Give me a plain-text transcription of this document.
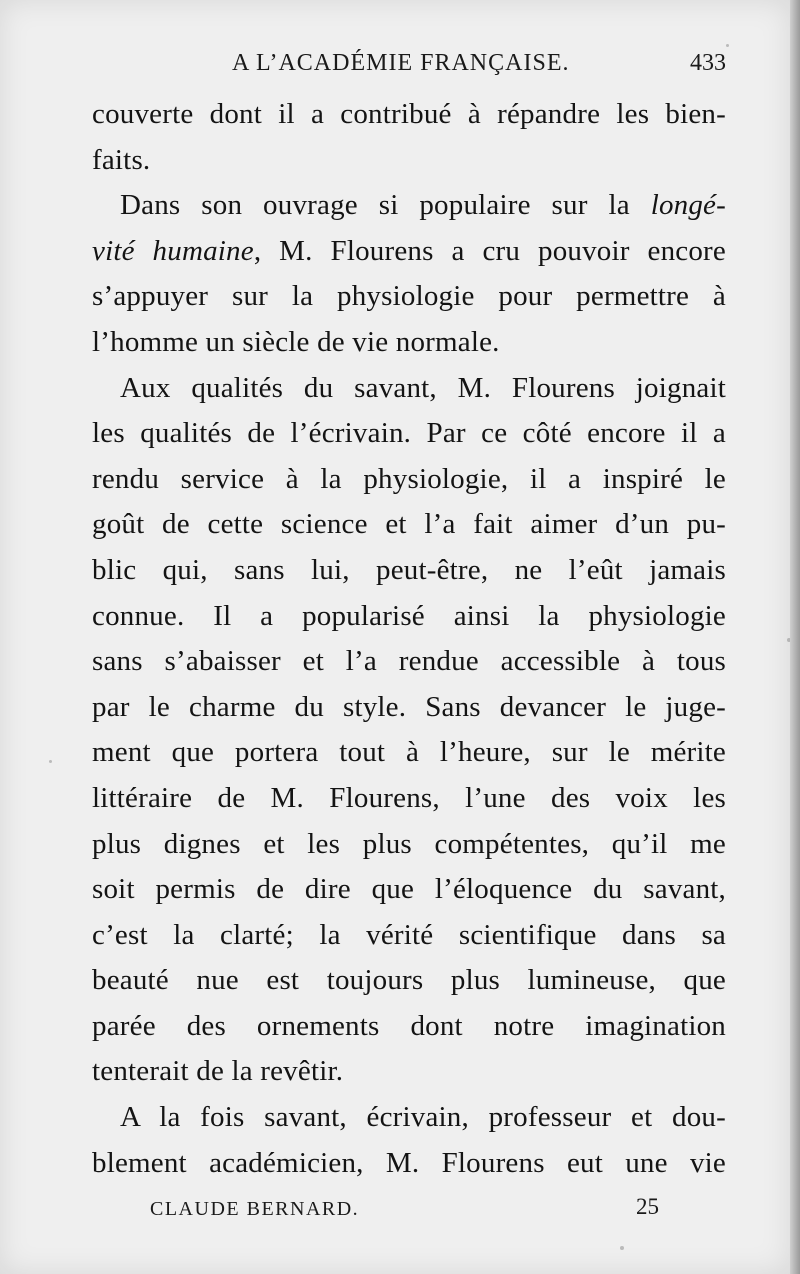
A L’ACADÉMIE FRANÇAISE.	433
couverte dont il a contribué à répandre les bien-
faits.
Dans son ouvrage si populaire sur la longé-
vité humaine, M. Flourens a cru pouvoir encore
s’appuyer sur la physiologie pour permettre à
l’homme un siècle de vie normale.
Aux qualités du savant, M. Flourens joignait
les qualités de l’écrivain. Par ce côté encore il a
rendu service à la physiologie, il a inspiré le
goût de cette science et l’a fait aimer d’un pu-
blic qui, sans lui, peut-être, ne l’eût jamais
connue. Il a popularisé ainsi la physiologie
sans s’abaisser et l’a rendue accessible à tous
par le charme du style. Sans devancer le juge-
ment que portera tout à l’heure, sur le mérite
littéraire de M. Flourens, l’une des voix les
plus dignes et les plus compétentes, qu’il me
soit permis de dire que l’éloquence du savant,
c’est la clarté; la vérité scientifique dans sa
beauté nue est toujours plus lumineuse, que
parée des ornements dont notre imagination
tenterait de la revêtir.
A la fois savant, écrivain, professeur et dou-
blement académicien, M. Flourens eut une vie
CLAUDE BERNARD.	25
